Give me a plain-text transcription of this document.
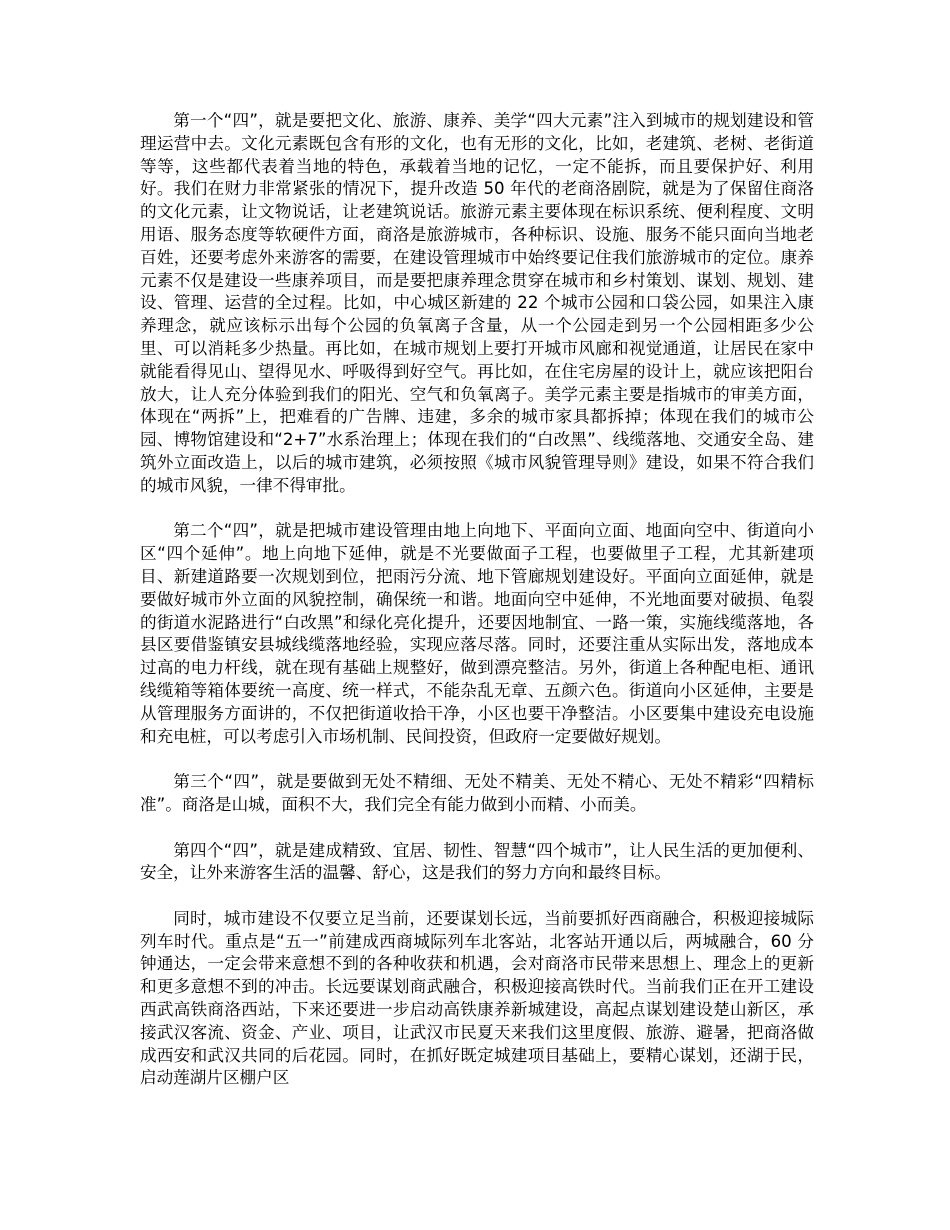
第一个“四”，就是要把文化、旅游、康养、美学“四大元素”注入到城市的规划建设和管理运营中去。文化元素既包含有形的文化，也有无形的文化，比如，老建筑、老树、老街道等等，这些都代表着当地的特色，承载着当地的记忆，一定不能拆，而且要保护好、利用好。我们在财力非常紧张的情况下，提升改造 50 年代的老商洛剧院，就是为了保留住商洛的文化元素，让文物说话，让老建筑说话。旅游元素主要体现在标识系统、便利程度、文明用语、服务态度等软硬件方面，商洛是旅游城市，各种标识、设施、服务不能只面向当地老百姓，还要考虑外来游客的需要，在建设管理城市中始终要记住我们旅游城市的定位。康养元素不仅是建设一些康养项目，而是要把康养理念贯穿在城市和乡村策划、谋划、规划、建设、管理、运营的全过程。比如，中心城区新建的 22 个城市公园和口袋公园，如果注入康养理念，就应该标示出每个公园的负氧离子含量，从一个公园走到另一个公园相距多少公里、可以消耗多少热量。再比如，在城市规划上要打开城市风廊和视觉通道，让居民在家中就能看得见山、望得见水、呼吸得到好空气。再比如，在住宅房屋的设计上，就应该把阳台放大，让人充分体验到我们的阳光、空气和负氧离子。美学元素主要是指城市的审美方面，体现在“两拆”上，把难看的广告牌、违建，多余的城市家具都拆掉；体现在我们的城市公园、博物馆建设和“2+7”水系治理上；体现在我们的“白改黑”、线缆落地、交通安全岛、建筑外立面改造上，以后的城市建筑，必须按照《城市风貌管理导则》建设，如果不符合我们的城市风貌，一律不得审批。

第二个“四”，就是把城市建设管理由地上向地下、平面向立面、地面向空中、街道向小区“四个延伸”。地上向地下延伸，就是不光要做面子工程，也要做里子工程，尤其新建项目、新建道路要一次规划到位，把雨污分流、地下管廊规划建设好。平面向立面延伸，就是要做好城市外立面的风貌控制，确保统一和谐。地面向空中延伸，不光地面要对破损、龟裂的街道水泥路进行“白改黑”和绿化亮化提升，还要因地制宜、一路一策，实施线缆落地，各县区要借鉴镇安县城线缆落地经验，实现应落尽落。同时，还要注重从实际出发，落地成本过高的电力杆线，就在现有基础上规整好，做到漂亮整洁。另外，街道上各种配电柜、通讯线缆箱等箱体要统一高度、统一样式，不能杂乱无章、五颜六色。街道向小区延伸，主要是从管理服务方面讲的，不仅把街道收拾干净，小区也要干净整洁。小区要集中建设充电设施和充电桩，可以考虑引入市场机制、民间投资，但政府一定要做好规划。

第三个“四”，就是要做到无处不精细、无处不精美、无处不精心、无处不精彩“四精标准”。商洛是山城，面积不大，我们完全有能力做到小而精、小而美。

第四个“四”，就是建成精致、宜居、韧性、智慧“四个城市”，让人民生活的更加便利、安全，让外来游客生活的温馨、舒心，这是我们的努力方向和最终目标。

同时，城市建设不仅要立足当前，还要谋划长远，当前要抓好西商融合，积极迎接城际列车时代。重点是“五一”前建成西商城际列车北客站，北客站开通以后，两城融合，60 分钟通达，一定会带来意想不到的各种收获和机遇，会对商洛市民带来思想上、理念上的更新和更多意想不到的冲击。长远要谋划商武融合，积极迎接高铁时代。当前我们正在开工建设西武高铁商洛西站，下来还要进一步启动高铁康养新城建设，高起点谋划建设楚山新区，承接武汉客流、资金、产业、项目，让武汉市民夏天来我们这里度假、旅游、避暑，把商洛做成西安和武汉共同的后花园。同时，在抓好既定城建项目基础上，要精心谋划，还湖于民，启动莲湖片区棚户区
